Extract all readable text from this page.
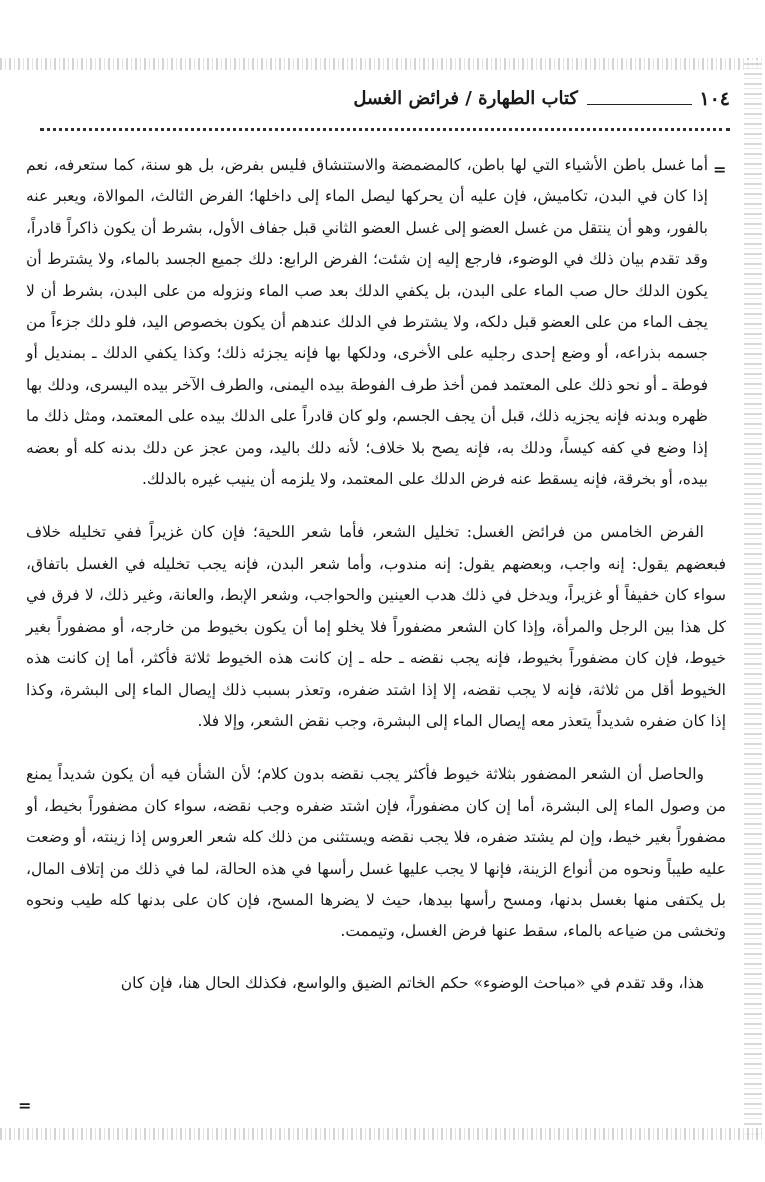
١٠٤
كتاب الطهارة / فرائض الغسل
=

أما غسل باطن الأشياء التي لها باطن، كالمضمضة والاستنشاق فليس بفرض، بل هو سنة، كما ستعرفه، نعم إذا كان في البدن، تكاميش، فإن عليه أن يحركها ليصل الماء إلى داخلها؛ الفرض الثالث، الموالاة، ويعبر عنه بالفور، وهو أن ينتقل من غسل العضو إلى غسل العضو الثاني قبل جفاف الأول، بشرط أن يكون ذاكراً قادراً، وقد تقدم بيان ذلك في الوضوء، فارجع إليه إن شئت؛ الفرض الرابع: دلك جميع الجسد بالماء، ولا يشترط أن يكون الدلك حال صب الماء على البدن، بل يكفي الدلك بعد صب الماء ونزوله من على البدن، بشرط أن لا يجف الماء من على العضو قبل دلكه، ولا يشترط في الدلك عندهم أن يكون بخصوص اليد، فلو دلك جزءاً من جسمه بذراعه، أو وضع إحدى رجليه على الأخرى، ودلكها بها فإنه يجزئه ذلك؛ وكذا يكفي الدلك ـ بمنديل أو فوطة ـ أو نحو ذلك على المعتمد فمن أخذ طرف الفوطة بيده اليمنى، والطرف الآخر بيده اليسرى، ودلك بها ظهره وبدنه فإنه يجزيه ذلك، قبل أن يجف الجسم، ولو كان قادراً على الدلك بيده على المعتمد، ومثل ذلك ما إذا وضع في كفه كيساً، ودلك به، فإنه يصح بلا خلاف؛ لأنه دلك باليد، ومن عجز عن دلك بدنه كله أو بعضه بيده، أو بخرقة، فإنه يسقط عنه فرض الدلك على المعتمد، ولا يلزمه أن ينيب غيره بالدلك.

الفرض الخامس من فرائض الغسل: تخليل الشعر، فأما شعر اللحية؛ فإن كان غزيراً ففي تخليله خلاف فبعضهم يقول: إنه واجب، وبعضهم يقول: إنه مندوب، وأما شعر البدن، فإنه يجب تخليله في الغسل باتفاق، سواء كان خفيفاً أو غزيراً، ويدخل في ذلك هدب العينين والحواجب، وشعر الإبط، والعانة، وغير ذلك، لا فرق في كل هذا بين الرجل والمرأة، وإذا كان الشعر مضفوراً فلا يخلو إما أن يكون بخيوط من خارجه، أو مضفوراً بغير خيوط، فإن كان مضفوراً بخيوط، فإنه يجب نقضه ـ حله ـ إن كانت هذه الخيوط ثلاثة فأكثر، أما إن كانت هذه الخيوط أقل من ثلاثة، فإنه لا يجب نقضه، إلا إذا اشتد ضفره، وتعذر بسبب ذلك إيصال الماء إلى البشرة، وكذا إذا كان ضفره شديداً يتعذر معه إيصال الماء إلى البشرة، وجب نقض الشعر، وإلا فلا.

والحاصل أن الشعر المضفور بثلاثة خيوط فأكثر يجب نقضه بدون كلام؛ لأن الشأن فيه أن يكون شديداً يمنع من وصول الماء إلى البشرة، أما إن كان مضفوراً، فإن اشتد ضفره وجب نقضه، سواء كان مضفوراً بخيط، أو مضفوراً بغير خيط، وإن لم يشتد ضفره، فلا يجب نقضه ويستثنى من ذلك كله شعر العروس إذا زينته، أو وضعت عليه طيباً ونحوه من أنواع الزينة، فإنها لا يجب عليها غسل رأسها في هذه الحالة، لما في ذلك من إتلاف المال، بل يكتفى منها بغسل بدنها، ومسح رأسها بيدها، حيث لا يضرها المسح، فإن كان على بدنها كله طيب ونحوه وتخشى من ضياعه بالماء، سقط عنها فرض الغسل، وتيممت.

هذا، وقد تقدم في «مباحث الوضوء» حكم الخاتم الضيق والواسع، فكذلك الحال هنا، فإن كان

=
